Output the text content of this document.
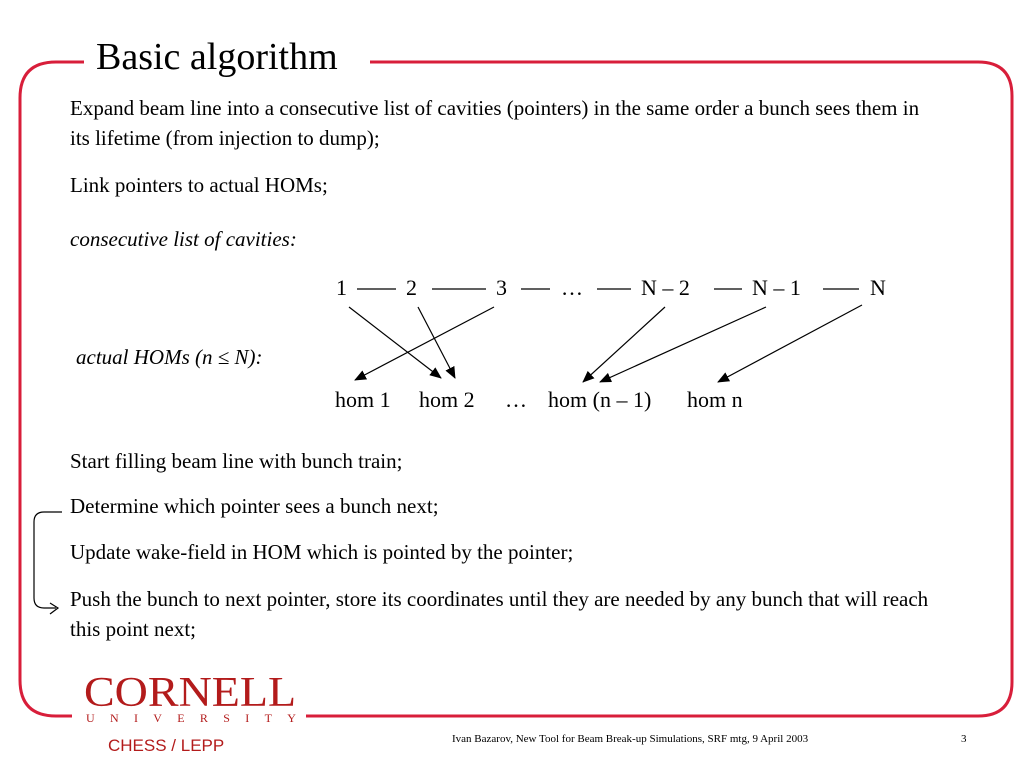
Basic algorithm

Expand beam line into a consecutive list of cavities (pointers) in the same order a bunch sees them in its lifetime (from injection to dump);

Link pointers to actual HOMs;

consecutive list of cavities:

1	2	3 …	N – 2	N – 1	N
actual HOMs (n ≤ N):
hom 1 hom 2 … hom (n – 1) hom n

Start filling beam line with bunch train;

Determine which pointer sees a bunch next;

Update wake-field in HOM which is pointed by the pointer;

Push the bunch to next pointer, store its coordinates until they are needed by any bunch that will reach this point next;

CORNELL
U N I V E R S I T Y
CHESS / LEPP	Ivan Bazarov, New Tool for Beam Break-up Simulations, SRF mtg, 9 April 2003	3
